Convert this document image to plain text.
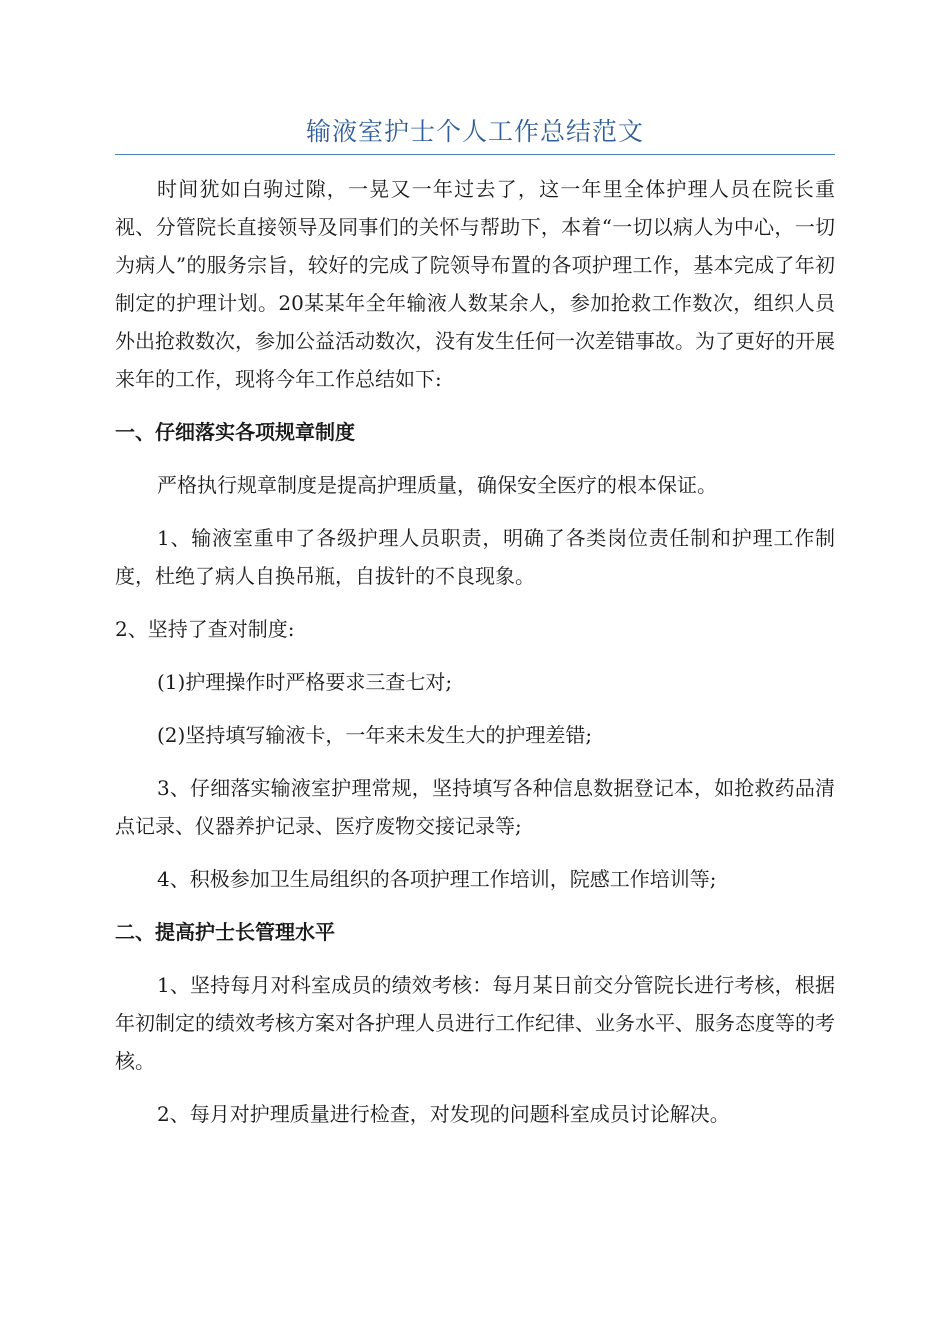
输液室护士个人工作总结范文

时间犹如白驹过隙，一晃又一年过去了，这一年里全体护理人员在院长重视、分管院长直接领导及同事们的关怀与帮助下，本着“一切以病人为中心，一切为病人”的服务宗旨，较好的完成了院领导布置的各项护理工作，基本完成了年初制定的护理计划。20某某年全年输液人数某余人，参加抢救工作数次，组织人员外出抢救数次，参加公益活动数次，没有发生任何一次差错事故。为了更好的开展来年的工作，现将今年工作总结如下:

一、仔细落实各项规章制度

严格执行规章制度是提高护理质量，确保安全医疗的根本保证。

1、输液室重申了各级护理人员职责，明确了各类岗位责任制和护理工作制度，杜绝了病人自换吊瓶，自拔针的不良现象。

2、坚持了查对制度:

(1)护理操作时严格要求三查七对;

(2)坚持填写输液卡，一年来未发生大的护理差错;

3、仔细落实输液室护理常规，坚持填写各种信息数据登记本，如抢救药品清点记录、仪器养护记录、医疗废物交接记录等;

4、积极参加卫生局组织的各项护理工作培训，院感工作培训等;

二、提高护士长管理水平

1、坚持每月对科室成员的绩效考核：每月某日前交分管院长进行考核，根据年初制定的绩效考核方案对各护理人员进行工作纪律、业务水平、服务态度等的考核。

2、每月对护理质量进行检查，对发现的问题科室成员讨论解决。
